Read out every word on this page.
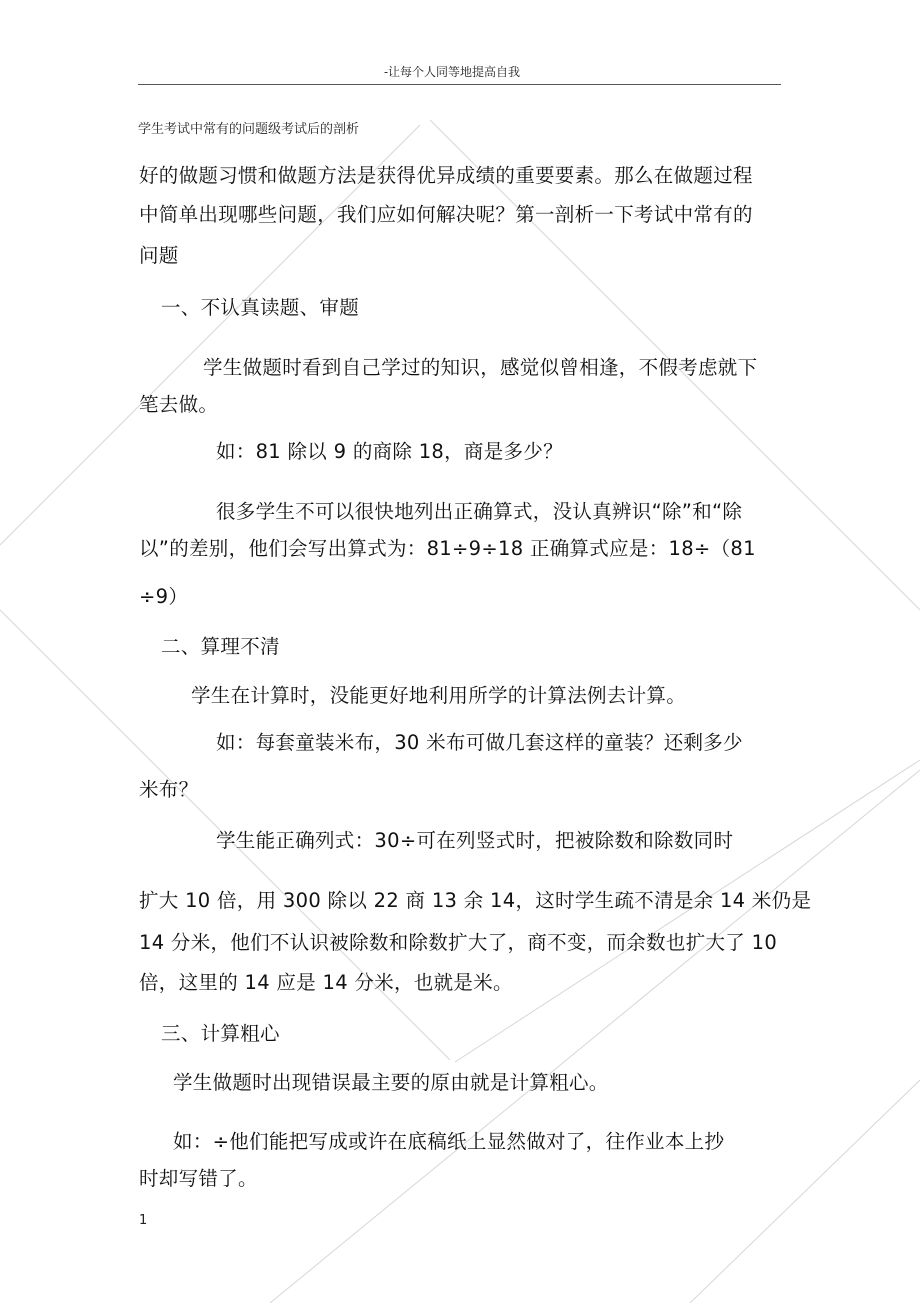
-让每个人同等地提高自我
学生考试中常有的问题级考试后的剖析
好的做题习惯和做题方法是获得优异成绩的重要要素。那么在做题过程
中简单出现哪些问题，我们应如何解决呢？第一剖析一下考试中常有的
问题
一、不认真读题、审题
学生做题时看到自己学过的知识，感觉似曾相逢，不假考虑就下
笔去做。
如：81 除以 9 的商除 18，商是多少？
很多学生不可以很快地列出正确算式，没认真辨识“除”和“除
以”的差别，他们会写出算式为：81÷9÷18 正确算式应是：18÷（81
÷9）
二、算理不清
学生在计算时，没能更好地利用所学的计算法例去计算。
如：每套童装米布，30 米布可做几套这样的童装？还剩多少
米布？
学生能正确列式：30÷可在列竖式时，把被除数和除数同时
扩大 10 倍，用 300 除以 22 商 13 余 14，这时学生疏不清是余 14 米仍是
14 分米，他们不认识被除数和除数扩大了，商不变，而余数也扩大了 10
倍，这里的 14 应是 14 分米，也就是米。
三、计算粗心
学生做题时出现错误最主要的原由就是计算粗心。
如：÷他们能把写成或许在底稿纸上显然做对了，往作业本上抄
时却写错了。
1
